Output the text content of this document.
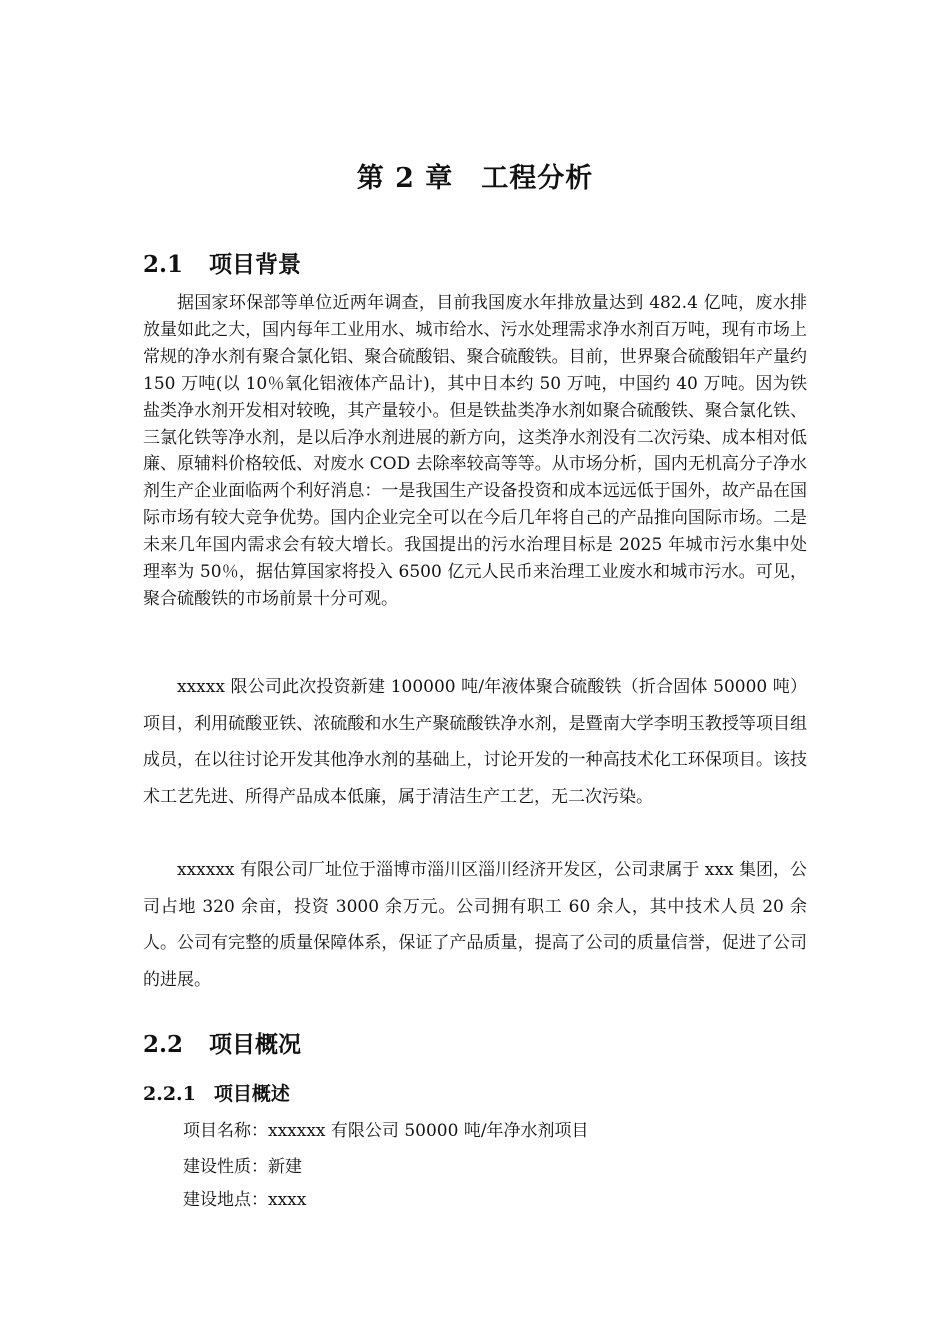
第 2 章　工程分析
2.1 项目背景

据国家环保部等单位近两年调查，目前我国废水年排放量达到 482.4 亿吨，废水排放量如此之大，国内每年工业用水、城市给水、污水处理需求净水剂百万吨，现有市场上常规的净水剂有聚合氯化铝、聚合硫酸铝、聚合硫酸铁。目前，世界聚合硫酸铝年产量约 150 万吨(以 10％氧化铝液体产品计)，其中日本约 50 万吨，中国约 40 万吨。因为铁盐类净水剂开发相对较晚，其产量较小。但是铁盐类净水剂如聚合硫酸铁、聚合氯化铁、三氯化铁等净水剂，是以后净水剂进展的新方向，这类净水剂没有二次污染、成本相对低廉、原辅料价格较低、对废水 COD 去除率较高等等。从市场分析，国内无机高分子净水剂生产企业面临两个利好消息：一是我国生产设备投资和成本远远低于国外，故产品在国际市场有较大竞争优势。国内企业完全可以在今后几年将自己的产品推向国际市场。二是未来几年国内需求会有较大增长。我国提出的污水治理目标是 2025 年城市污水集中处理率为 50％，据估算国家将投入 6500 亿元人民币来治理工业废水和城市污水。可见，聚合硫酸铁的市场前景十分可观。

xxxxx 限公司此次投资新建 100000 吨/年液体聚合硫酸铁（折合固体 50000 吨）项目，利用硫酸亚铁、浓硫酸和水生产聚硫酸铁净水剂，是暨南大学李明玉教授等项目组成员，在以往讨论开发其他净水剂的基础上，讨论开发的一种高技术化工环保项目。该技术工艺先进、所得产品成本低廉，属于清洁生产工艺，无二次污染。

xxxxxx 有限公司厂址位于淄博市淄川区淄川经济开发区，公司隶属于 xxx 集团，公司占地 320 余亩，投资 3000 余万元。公司拥有职工 60 余人，其中技术人员 20 余人。公司有完整的质量保障体系，保证了产品质量，提高了公司的质量信誉，促进了公司的进展。

2.2 项目概况
2.2.1 项目概述
项目名称：xxxxxx 有限公司 50000 吨/年净水剂项目
建设性质：新建
建设地点：xxxx
